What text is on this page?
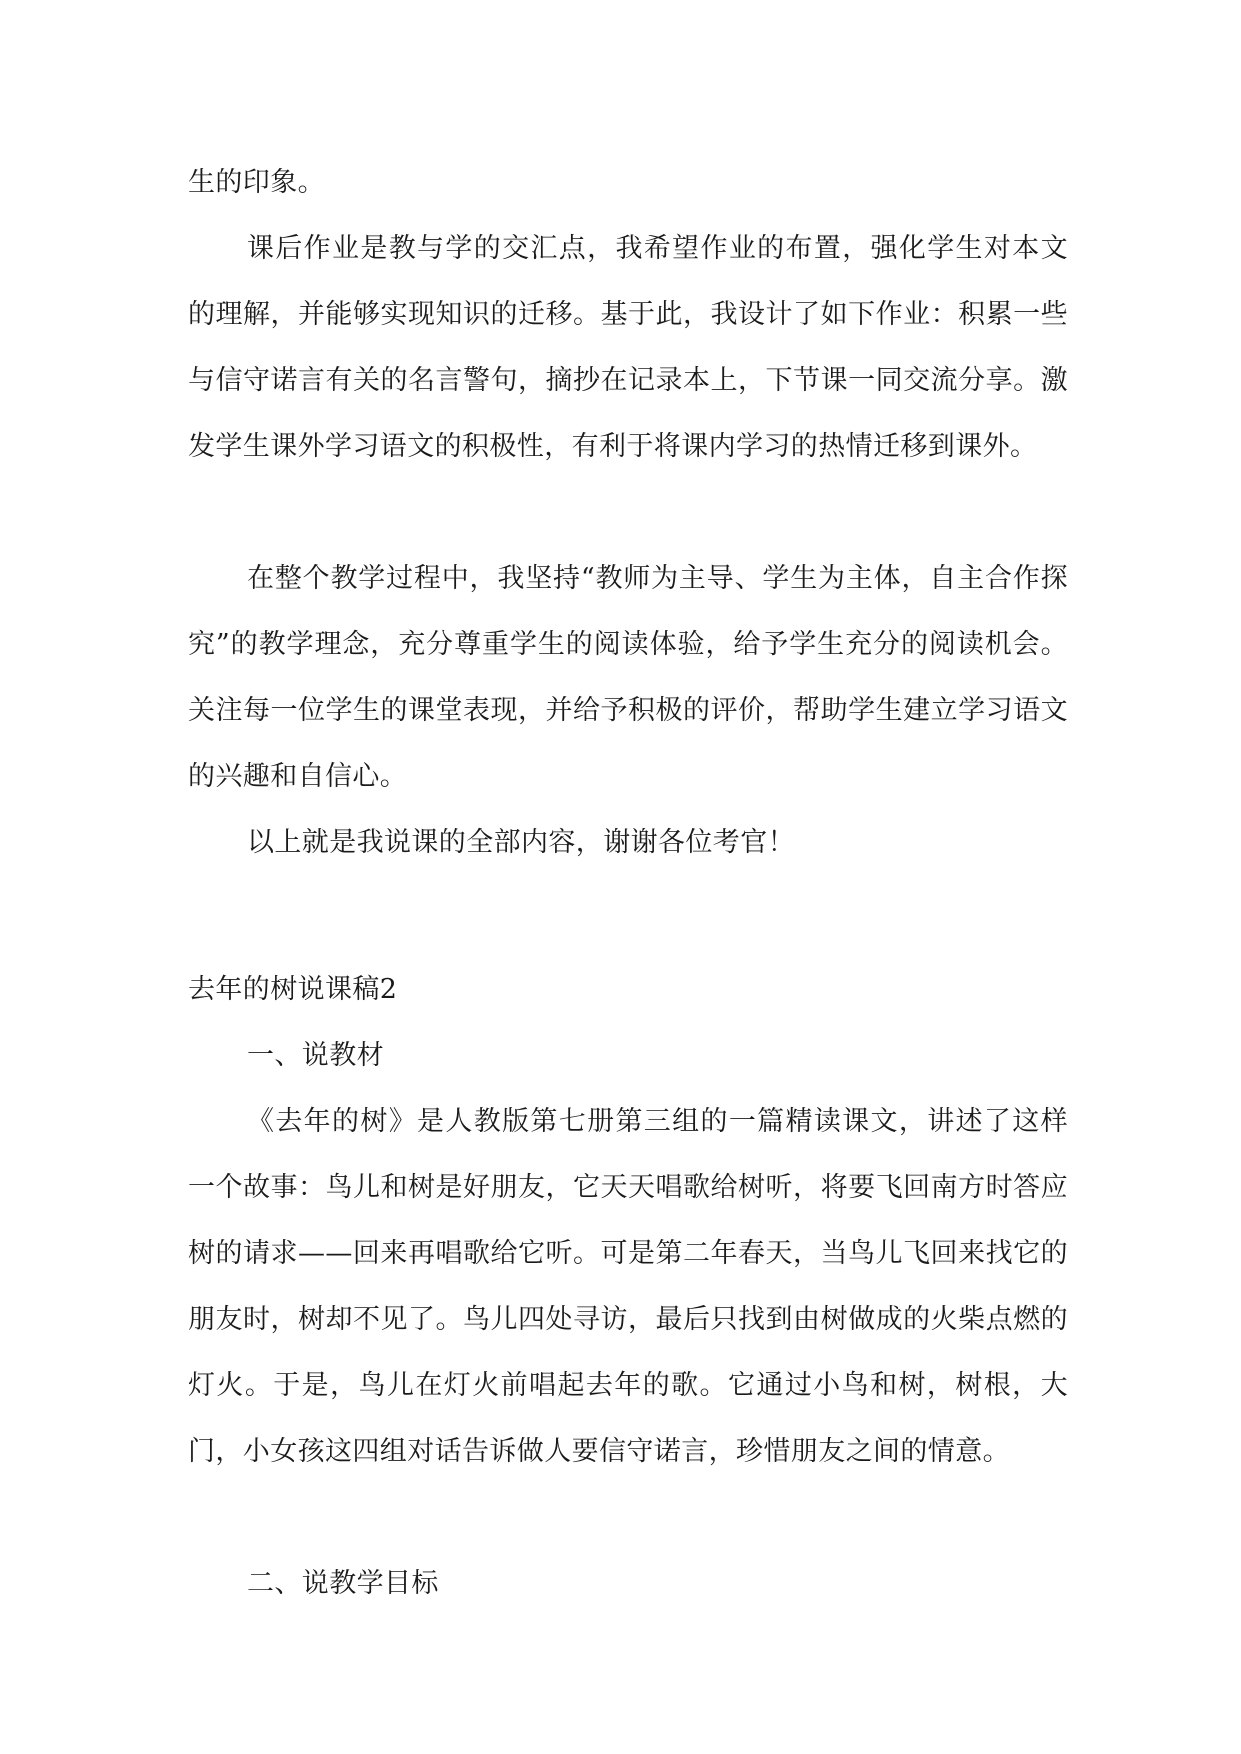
生的印象。

课后作业是教与学的交汇点，我希望作业的布置，强化学生对本文的理解，并能够实现知识的迁移。基于此，我设计了如下作业：积累一些与信守诺言有关的名言警句，摘抄在记录本上，下节课一同交流分享。激发学生课外学习语文的积极性，有利于将课内学习的热情迁移到课外。

在整个教学过程中，我坚持“教师为主导、学生为主体，自主合作探究”的教学理念，充分尊重学生的阅读体验，给予学生充分的阅读机会。关注每一位学生的课堂表现，并给予积极的评价，帮助学生建立学习语文的兴趣和自信心。

以上就是我说课的全部内容，谢谢各位考官！

去年的树说课稿2

一、说教材

《去年的树》是人教版第七册第三组的一篇精读课文，讲述了这样一个故事：鸟儿和树是好朋友，它天天唱歌给树听，将要飞回南方时答应树的请求——回来再唱歌给它听。可是第二年春天，当鸟儿飞回来找它的朋友时，树却不见了。鸟儿四处寻访，最后只找到由树做成的火柴点燃的灯火。于是，鸟儿在灯火前唱起去年的歌。它通过小鸟和树，树根，大门，小女孩这四组对话告诉做人要信守诺言，珍惜朋友之间的情意。

二、说教学目标
